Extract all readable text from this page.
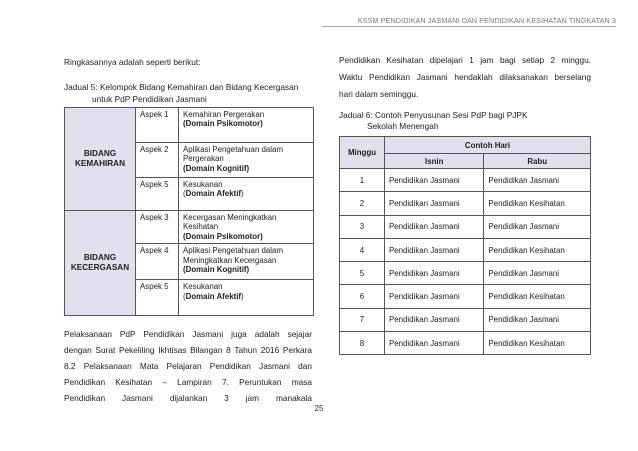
KSSM PENDIDIKAN JASMANI DAN PENDIDIKAN KESIHATAN TINGKATAN 3

Ringkasannya adalah seperti berikut:

Jadual 5: Kelompok Bidang Kemahiran dan Bidang Kecergasan

untuk PdP Pendidikan Jasmani

BIDANG
KEMAHIRAN	Aspek 1	Kemahiran Pergerakan
(Domain Psikomotor)
	Aspek 2	Aplikasi Pengetahuan dalam
Pergerakan
(Domain Kognitif)
	Aspek 5	Kesukanan
(Domain Afektif)
BIDANG
KECERGASAN	Aspek 3	Kecergasan Meningkatkan
Kesihatan
(Domain Psikomotor)
	Aspek 4	Aplikasi Pengetahuan dalam
Meningkatkan Kecergasan
(Domain Kognitif)
	Aspek 5	Kesukanan
(Domain Afektif)

Pelaksanaan PdP Pendidikan Jasmani juga adalah sejajar

dengan Surat Pekeliling Ikhtisas Bilangan 8 Tahun 2016 Perkara

8.2 Pelaksanaan Mata Pelajaran Pendidikan Jasmani dan

Pendidikan Kesihatan – Lampiran 7. Peruntukan masa

Pendidikan Jasmani dijalankan 3 jam manakala

Pendidikan Kesihatan dipelajari 1 jam bagi setiap 2 minggu.

Waktu Pendidikan Jasmani hendaklah dilaksanakan berselang

hari dalam seminggu.

Jadual 6: Contoh Penyusunan Sesi PdP bagi PJPK

Sekolah Menengah

Minggu	Contoh Hari	
	Isnin	Rabu
1	Pendidikan Jasmani	Pendidikan Jasmani
2	Pendidikan Jasmani	Pendidikan Kesihatan
3	Pendidikan Jasmani	Pendidikan Jasmani
4	Pendidikan Jasmani	Pendidikan Kesihatan
5	Pendidikan Jasmani	Pendidikan Jasmani
6	Pendidikan Jasmani	Pendidikan Kesihatan
7	Pendidikan Jasmani	Pendidikan Jasmani
8	Pendidikan Jasmani	Pendidikan Kesihatan
25
